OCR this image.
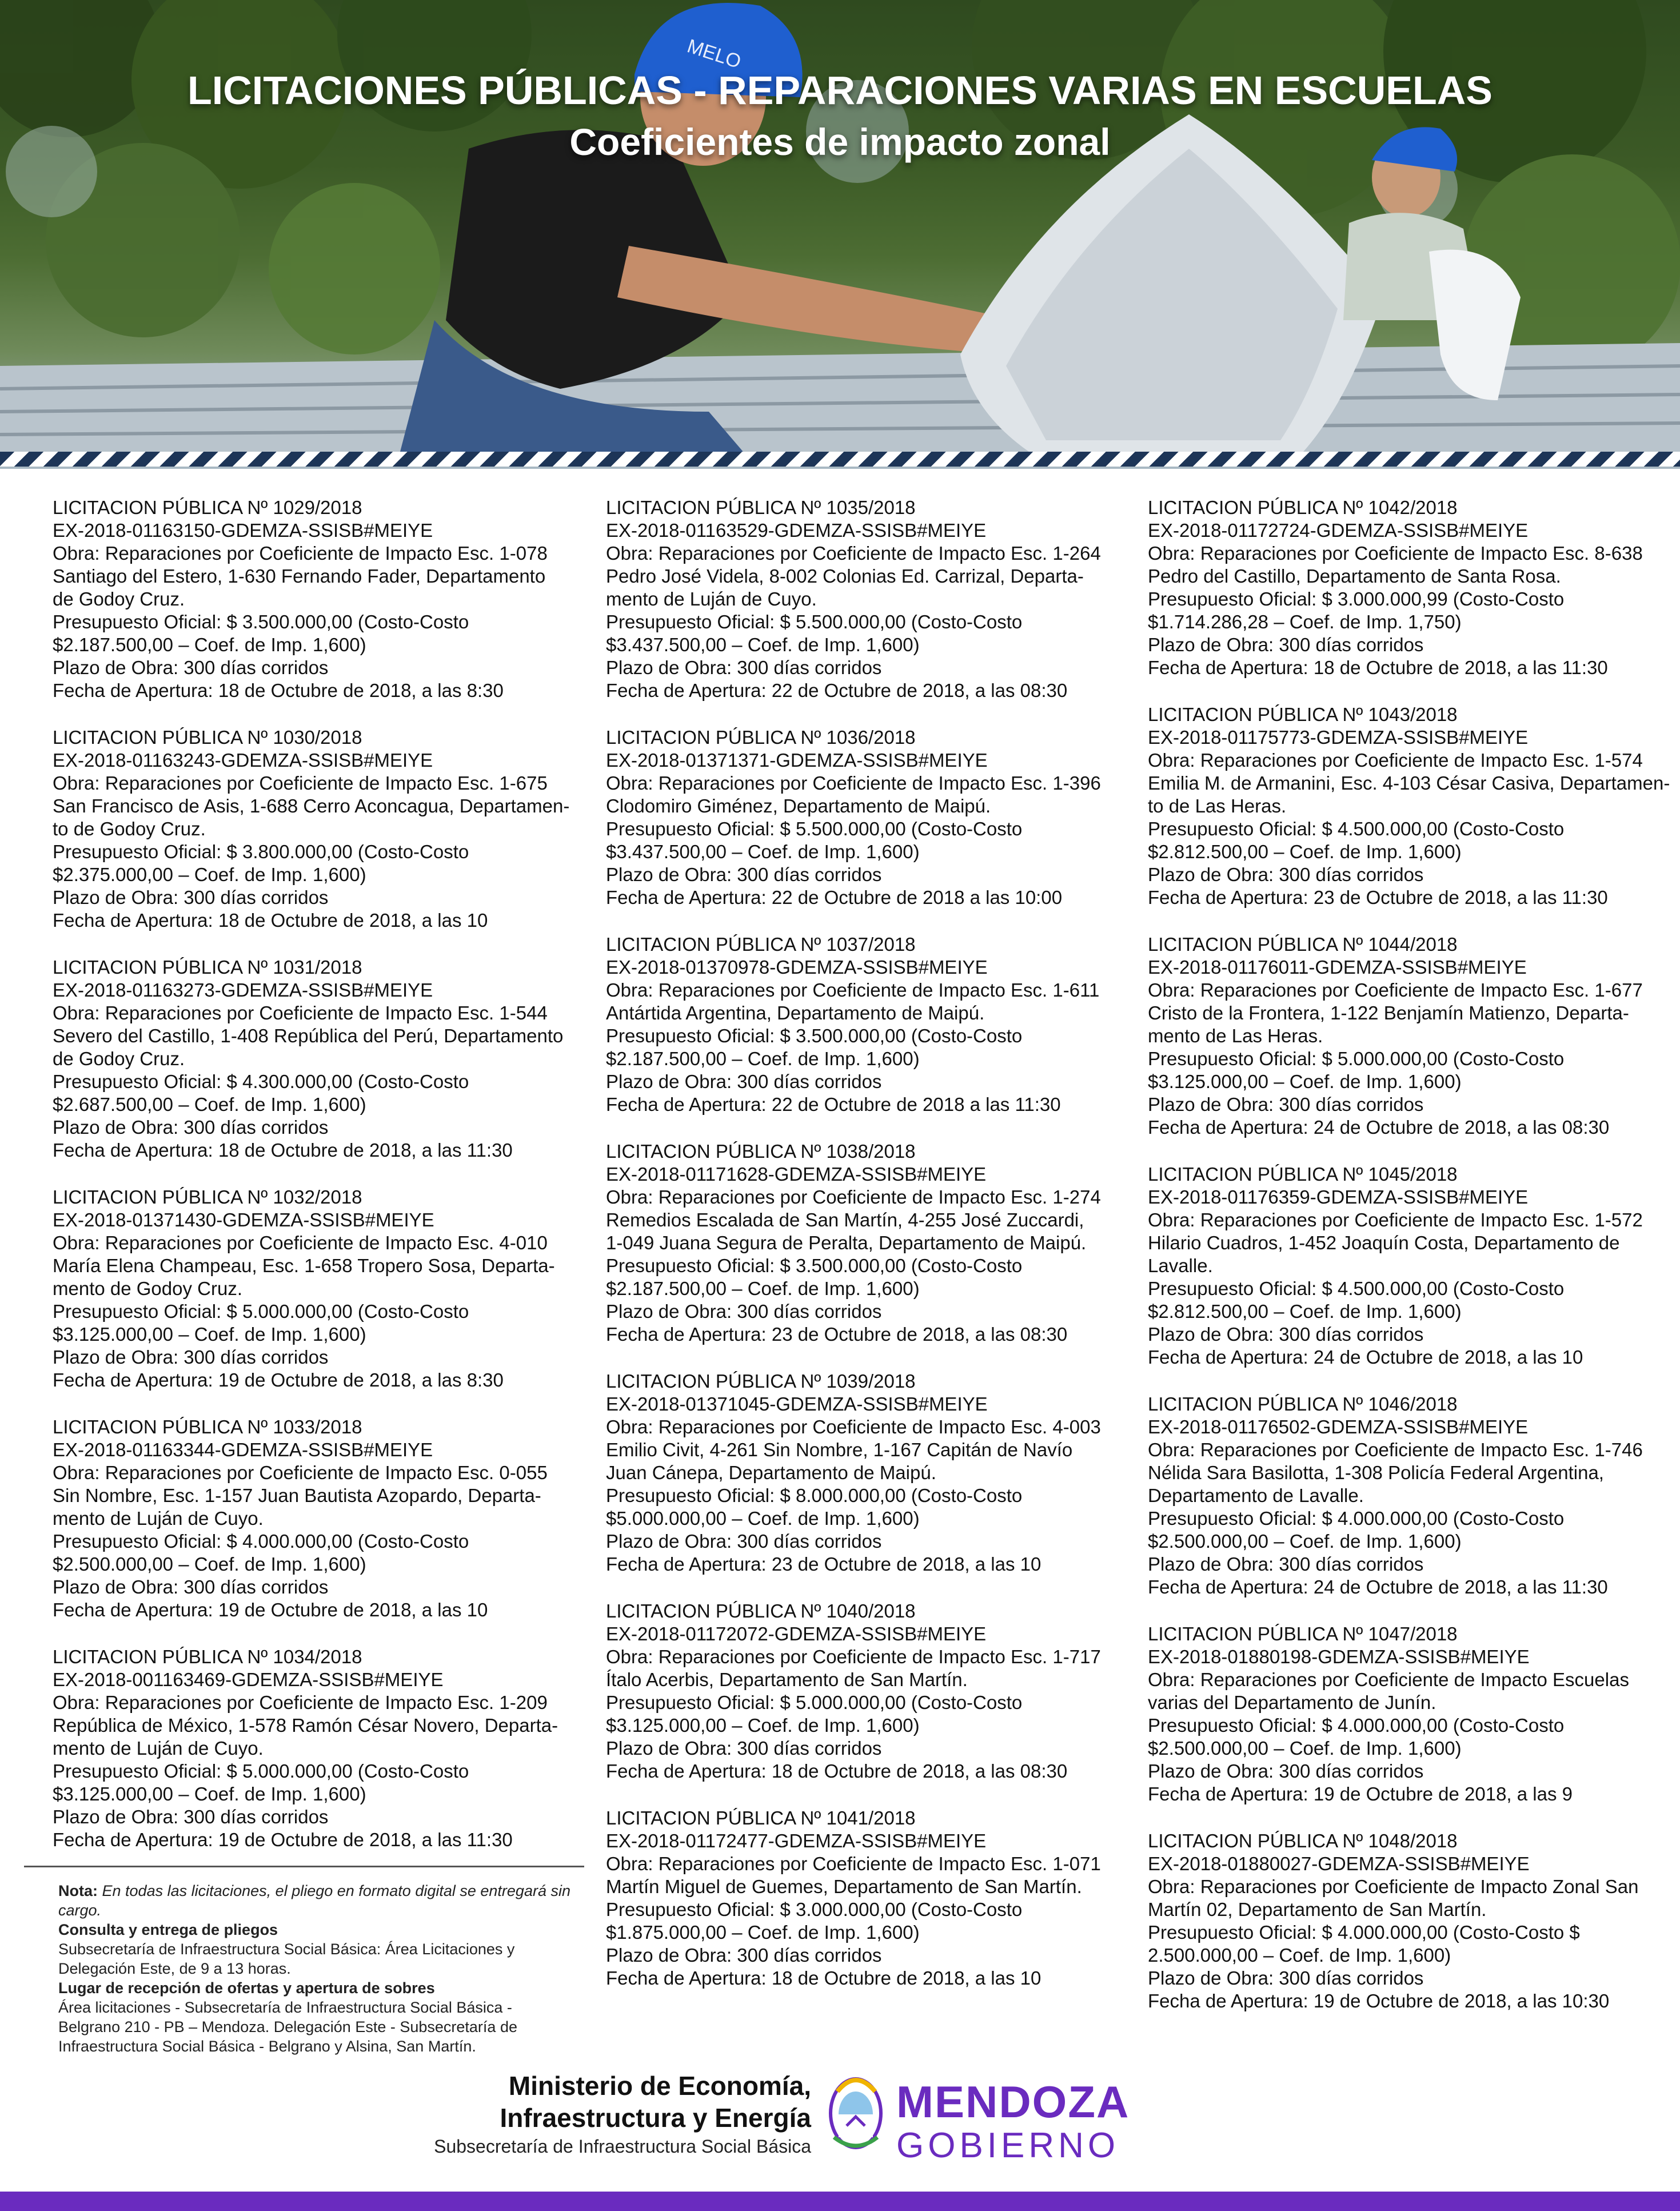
MELO
LICITACIONES PÚBLICAS - REPARACIONES VARIAS EN ESCUELAS
Coeficientes de impacto zonal
LICITACION PÚBLICA Nº 1029/2018
EX-2018-01163150-GDEMZA-SSISB#MEIYE
Obra: Reparaciones por Coeficiente de Impacto Esc. 1-078
Santiago del Estero, 1-630 Fernando Fader, Departamento
de Godoy Cruz.
Presupuesto Oficial: $ 3.500.000,00 (Costo-Costo
$2.187.500,00 – Coef. de Imp. 1,600)
Plazo de Obra: 300 días corridos
Fecha de Apertura: 18 de Octubre de 2018, a las 8:30
LICITACION PÚBLICA Nº 1030/2018
EX-2018-01163243-GDEMZA-SSISB#MEIYE
Obra: Reparaciones por Coeficiente de Impacto Esc. 1-675
San Francisco de Asis, 1-688 Cerro Aconcagua, Departamen-
to de Godoy Cruz.
Presupuesto Oficial: $ 3.800.000,00 (Costo-Costo
$2.375.000,00 – Coef. de Imp. 1,600)
Plazo de Obra: 300 días corridos
Fecha de Apertura: 18 de Octubre de 2018, a las 10
LICITACION PÚBLICA Nº 1031/2018
EX-2018-01163273-GDEMZA-SSISB#MEIYE
Obra: Reparaciones por Coeficiente de Impacto Esc. 1-544
Severo del Castillo, 1-408 República del Perú, Departamento
de Godoy Cruz.
Presupuesto Oficial: $ 4.300.000,00 (Costo-Costo
$2.687.500,00 – Coef. de Imp. 1,600)
Plazo de Obra: 300 días corridos
Fecha de Apertura: 18 de Octubre de 2018, a las 11:30
LICITACION PÚBLICA Nº 1032/2018
EX-2018-01371430-GDEMZA-SSISB#MEIYE
Obra: Reparaciones por Coeficiente de Impacto Esc. 4-010
María Elena Champeau, Esc. 1-658 Tropero Sosa, Departa-
mento de Godoy Cruz.
Presupuesto Oficial: $ 5.000.000,00 (Costo-Costo
$3.125.000,00 – Coef. de Imp. 1,600)
Plazo de Obra: 300 días corridos
Fecha de Apertura: 19 de Octubre de 2018, a las 8:30
LICITACION PÚBLICA Nº 1033/2018
EX-2018-01163344-GDEMZA-SSISB#MEIYE
Obra: Reparaciones por Coeficiente de Impacto Esc. 0-055
Sin Nombre, Esc. 1-157 Juan Bautista Azopardo, Departa-
mento de Luján de Cuyo.
Presupuesto Oficial: $ 4.000.000,00 (Costo-Costo
$2.500.000,00 – Coef. de Imp. 1,600)
Plazo de Obra: 300 días corridos
Fecha de Apertura: 19 de Octubre de 2018, a las 10
LICITACION PÚBLICA Nº 1034/2018
EX-2018-001163469-GDEMZA-SSISB#MEIYE
Obra: Reparaciones por Coeficiente de Impacto Esc. 1-209
República de México, 1-578 Ramón César Novero, Departa-
mento de Luján de Cuyo.
Presupuesto Oficial: $ 5.000.000,00 (Costo-Costo
$3.125.000,00 – Coef. de Imp. 1,600)
Plazo de Obra: 300 días corridos
Fecha de Apertura: 19 de Octubre de 2018, a las 11:30
LICITACION PÚBLICA Nº 1035/2018
EX-2018-01163529-GDEMZA-SSISB#MEIYE
Obra: Reparaciones por Coeficiente de Impacto Esc. 1-264
Pedro José Videla, 8-002 Colonias Ed. Carrizal, Departa-
mento de Luján de Cuyo.
Presupuesto Oficial: $ 5.500.000,00 (Costo-Costo
$3.437.500,00 – Coef. de Imp. 1,600)
Plazo de Obra: 300 días corridos
Fecha de Apertura: 22 de Octubre de 2018, a las 08:30
LICITACION PÚBLICA Nº 1036/2018
EX-2018-01371371-GDEMZA-SSISB#MEIYE
Obra: Reparaciones por Coeficiente de Impacto Esc. 1-396
Clodomiro Giménez, Departamento de Maipú.
Presupuesto Oficial: $ 5.500.000,00 (Costo-Costo
$3.437.500,00 – Coef. de Imp. 1,600)
Plazo de Obra: 300 días corridos
Fecha de Apertura: 22 de Octubre de 2018 a las 10:00
LICITACION PÚBLICA Nº 1037/2018
EX-2018-01370978-GDEMZA-SSISB#MEIYE
Obra: Reparaciones por Coeficiente de Impacto Esc. 1-611
Antártida Argentina, Departamento de Maipú.
Presupuesto Oficial: $ 3.500.000,00 (Costo-Costo
$2.187.500,00 – Coef. de Imp. 1,600)
Plazo de Obra: 300 días corridos
Fecha de Apertura: 22 de Octubre de 2018 a las 11:30
LICITACION PÚBLICA Nº 1038/2018
EX-2018-01171628-GDEMZA-SSISB#MEIYE
Obra: Reparaciones por Coeficiente de Impacto Esc. 1-274
Remedios Escalada de San Martín, 4-255 José Zuccardi,
1-049 Juana Segura de Peralta, Departamento de Maipú.
Presupuesto Oficial: $ 3.500.000,00 (Costo-Costo
$2.187.500,00 – Coef. de Imp. 1,600)
Plazo de Obra: 300 días corridos
Fecha de Apertura: 23 de Octubre de 2018, a las 08:30
LICITACION PÚBLICA Nº 1039/2018
EX-2018-01371045-GDEMZA-SSISB#MEIYE
Obra: Reparaciones por Coeficiente de Impacto Esc. 4-003
Emilio Civit, 4-261 Sin Nombre, 1-167 Capitán de Navío
Juan Cánepa, Departamento de Maipú.
Presupuesto Oficial: $ 8.000.000,00 (Costo-Costo
$5.000.000,00 – Coef. de Imp. 1,600)
Plazo de Obra: 300 días corridos
Fecha de Apertura: 23 de Octubre de 2018, a las 10
LICITACION PÚBLICA Nº 1040/2018
EX-2018-01172072-GDEMZA-SSISB#MEIYE
Obra: Reparaciones por Coeficiente de Impacto Esc. 1-717
Ítalo Acerbis, Departamento de San Martín.
Presupuesto Oficial: $ 5.000.000,00 (Costo-Costo
$3.125.000,00 – Coef. de Imp. 1,600)
Plazo de Obra: 300 días corridos
Fecha de Apertura: 18 de Octubre de 2018, a las 08:30
LICITACION PÚBLICA Nº 1041/2018
EX-2018-01172477-GDEMZA-SSISB#MEIYE
Obra: Reparaciones por Coeficiente de Impacto Esc. 1-071
Martín Miguel de Guemes, Departamento de San Martín.
Presupuesto Oficial: $ 3.000.000,00 (Costo-Costo
$1.875.000,00 – Coef. de Imp. 1,600)
Plazo de Obra: 300 días corridos
Fecha de Apertura: 18 de Octubre de 2018, a las 10
LICITACION PÚBLICA Nº 1042/2018
EX-2018-01172724-GDEMZA-SSISB#MEIYE
Obra: Reparaciones por Coeficiente de Impacto Esc. 8-638
Pedro del Castillo, Departamento de Santa Rosa.
Presupuesto Oficial: $ 3.000.000,99 (Costo-Costo
$1.714.286,28 – Coef. de Imp. 1,750)
Plazo de Obra: 300 días corridos
Fecha de Apertura: 18 de Octubre de 2018, a las 11:30
LICITACION PÚBLICA Nº 1043/2018
EX-2018-01175773-GDEMZA-SSISB#MEIYE
Obra: Reparaciones por Coeficiente de Impacto Esc. 1-574
Emilia M. de Armanini, Esc. 4-103 César Casiva, Departamen-
to de Las Heras.
Presupuesto Oficial: $ 4.500.000,00 (Costo-Costo
$2.812.500,00 – Coef. de Imp. 1,600)
Plazo de Obra: 300 días corridos
Fecha de Apertura: 23 de Octubre de 2018, a las 11:30
LICITACION PÚBLICA Nº 1044/2018
EX-2018-01176011-GDEMZA-SSISB#MEIYE
Obra: Reparaciones por Coeficiente de Impacto Esc. 1-677
Cristo de la Frontera, 1-122 Benjamín Matienzo, Departa-
mento de Las Heras.
Presupuesto Oficial: $ 5.000.000,00 (Costo-Costo
$3.125.000,00 – Coef. de Imp. 1,600)
Plazo de Obra: 300 días corridos
Fecha de Apertura: 24 de Octubre de 2018, a las 08:30
LICITACION PÚBLICA Nº 1045/2018
EX-2018-01176359-GDEMZA-SSISB#MEIYE
Obra: Reparaciones por Coeficiente de Impacto Esc. 1-572
Hilario Cuadros, 1-452 Joaquín Costa, Departamento de
Lavalle.
Presupuesto Oficial: $ 4.500.000,00 (Costo-Costo
$2.812.500,00 – Coef. de Imp. 1,600)
Plazo de Obra: 300 días corridos
Fecha de Apertura: 24 de Octubre de 2018, a las 10
LICITACION PÚBLICA Nº 1046/2018
EX-2018-01176502-GDEMZA-SSISB#MEIYE
Obra: Reparaciones por Coeficiente de Impacto Esc. 1-746
Nélida Sara Basilotta, 1-308 Policía Federal Argentina,
Departamento de Lavalle.
Presupuesto Oficial: $ 4.000.000,00 (Costo-Costo
$2.500.000,00 – Coef. de Imp. 1,600)
Plazo de Obra: 300 días corridos
Fecha de Apertura: 24 de Octubre de 2018, a las 11:30
LICITACION PÚBLICA Nº 1047/2018
EX-2018-01880198-GDEMZA-SSISB#MEIYE
Obra: Reparaciones por Coeficiente de Impacto Escuelas
varias del Departamento de Junín.
Presupuesto Oficial: $ 4.000.000,00 (Costo-Costo
$2.500.000,00 – Coef. de Imp. 1,600)
Plazo de Obra: 300 días corridos
Fecha de Apertura: 19 de Octubre de 2018, a las 9
LICITACION PÚBLICA Nº 1048/2018
EX-2018-01880027-GDEMZA-SSISB#MEIYE
Obra: Reparaciones por Coeficiente de Impacto Zonal San
Martín 02, Departamento de San Martín.
Presupuesto Oficial: $ 4.000.000,00 (Costo-Costo $
2.500.000,00 – Coef. de Imp. 1,600)
Plazo de Obra: 300 días corridos
Fecha de Apertura: 19 de Octubre de 2018, a las 10:30
Nota: En todas las licitaciones, el pliego en formato digital se entregará sin
cargo.
Consulta y entrega de pliegos
Subsecretaría de Infraestructura Social Básica: Área Licitaciones y
Delegación Este, de 9 a 13 horas.
Lugar de recepción de ofertas y apertura de sobres
Área licitaciones - Subsecretaría de Infraestructura Social Básica -
Belgrano 210 - PB – Mendoza. Delegación Este - Subsecretaría de
Infraestructura Social Básica - Belgrano y Alsina, San Martín.
Ministerio de Economía,
Infraestructura y Energía
Subsecretaría de Infraestructura Social Básica
MENDOZA
GOBIERNO
